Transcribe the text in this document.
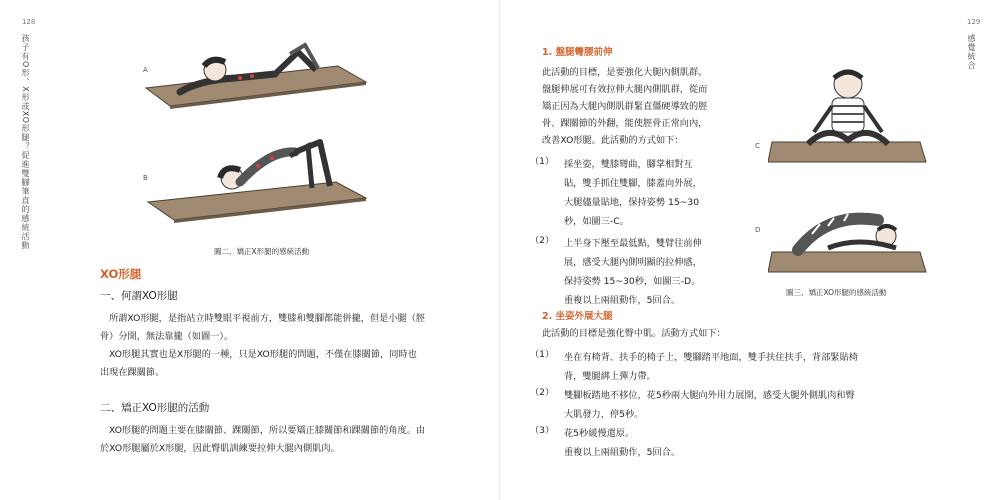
128
孩子有O形、X形或XO形腿？促進雙腳筆直的感統活動	A
B
圖二、矯正X形腿的感統活動
XO形腿
一、何謂XO形腿

所謂XO形腿，是指站立時雙眼平視前方，雙膝和雙腳都能併攏，但是小腿（脛

骨）分開，無法靠攏（如圖一）。

XO形腿其實也是X形腿的一種，只是XO形腿的問題，不僅在膝關節，同時也

出現在踝關節。

二、矯正XO形腿的活動

XO形腿的問題主要在膝關節、踝關節，所以要矯正膝關節和踝關節的角度。由

於XO形腿屬於X形腿，因此臀肌訓練要拉伸大腿內側肌肉。

129
感覺統合
1. 盤腿彎腰前伸

此活動的目標，是要強化大腿內側肌群。

盤腿伸展可有效拉伸大腿內側肌群，從而

矯正因為大腿內側肌群緊直僵硬導致的脛

骨、踝關節的外翻，能使脛骨正常向內，

改善XO形腿。此活動的方式如下：

（1） 採坐姿，雙膝彎曲，腳掌相對互

貼，雙手抓住雙腳，膝蓋向外展，

大腿儘量貼地，保持姿勢 15~30

秒，如圖三-C。

（2） 上半身下壓至最低點，雙臂往前伸

展，感受大腿內側明顯的拉伸感，

保持姿勢 15~30秒，如圖三-D。

重複以上兩組動作，5回合。

C
D
圖三、矯正XO形腿的感統活動
2. 坐姿外展大腿
此活動的目標是強化臀中肌。活動方式如下：
（1） 坐在有椅背、扶手的椅子上，雙腳踏平地面，雙手扶住扶手，背部緊貼椅

背，雙腿綁上彈力帶。

（2） 雙腳板踏地不移位，花5秒兩大腿向外用力展開，感受大腿外側肌肉和臀

大肌發力，停5秒。

（3） 花5秒緩慢還原。

重複以上兩組動作，5回合。
